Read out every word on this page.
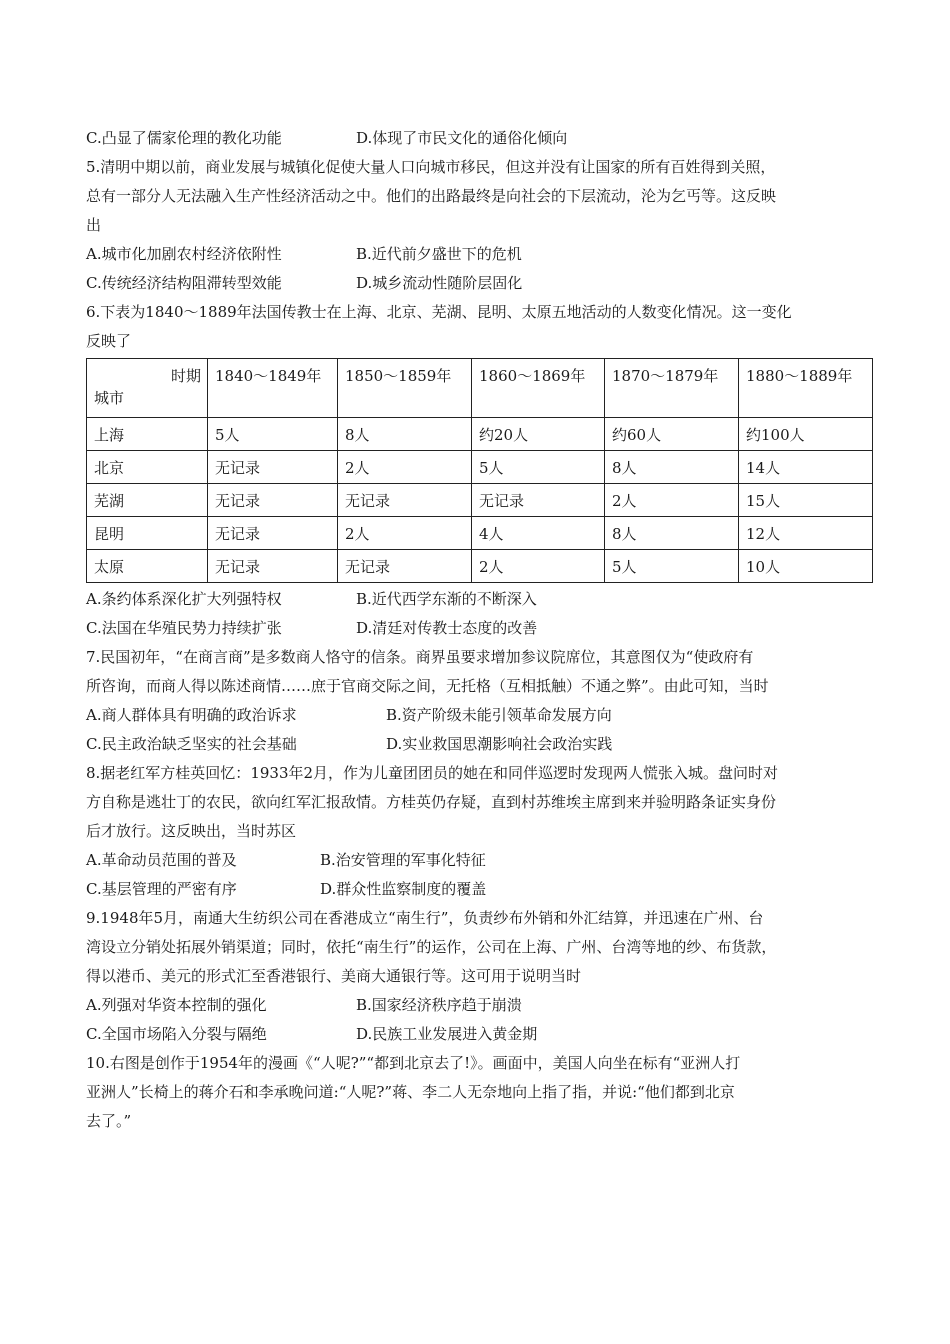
C.凸显了儒家伦理的教化功能	D.体现了市民文化的通俗化倾向
5.清明中期以前，商业发展与城镇化促使大量人口向城市移民，但这并没有让国家的所有百姓得到关照，
总有一部分人无法融入生产性经济活动之中。他们的出路最终是向社会的下层流动，沦为乞丐等。这反映
出
A.城市化加剧农村经济依附性	B.近代前夕盛世下的危机
C.传统经济结构阻滞转型效能	D.城乡流动性随阶层固化
6.下表为1840～1889年法国传教士在上海、北京、芜湖、昆明、太原五地活动的人数变化情况。这一变化
反映了
时期
城市	1840～1849年	1850～1859年	1860～1869年	1870～1879年	1880～1889年
上海	5人	8人	约20人	约60人	约100人
北京	无记录	2人	5人	8人	14人
芜湖	无记录	无记录	无记录	2人	15人
昆明	无记录	2人	4人	8人	12人
太原	无记录	无记录	2人	5人	10人
A.条约体系深化扩大列强特权	B.近代西学东渐的不断深入
C.法国在华殖民势力持续扩张	D.清廷对传教士态度的改善
7.民国初年，“在商言商”是多数商人恪守的信条。商界虽要求增加参议院席位，其意图仅为“使政府有
所咨询，而商人得以陈述商情……庶于官商交际之间，无托格（互相抵触）不通之弊”。由此可知，当时
A.商人群体具有明确的政治诉求	B.资产阶级未能引领革命发展方向
C.民主政治缺乏坚实的社会基础	D.实业救国思潮影响社会政治实践
8.据老红军方桂英回忆：1933年2月，作为儿童团团员的她在和同伴巡逻时发现两人慌张入城。盘问时对
方自称是逃壮丁的农民，欲向红军汇报敌情。方桂英仍存疑，直到村苏维埃主席到来并验明路条证实身份
后才放行。这反映出，当时苏区
A.革命动员范围的普及	B.治安管理的军事化特征
C.基层管理的严密有序	D.群众性监察制度的覆盖
9.1948年5月，南通大生纺织公司在香港成立“南生行”，负责纱布外销和外汇结算，并迅速在广州、台
湾设立分销处拓展外销渠道；同时，依托“南生行”的运作，公司在上海、广州、台湾等地的纱、布货款，
得以港币、美元的形式汇至香港银行、美商大通银行等。这可用于说明当时
A.列强对华资本控制的强化	B.国家经济秩序趋于崩溃
C.全国市场陷入分裂与隔绝	D.民族工业发展进入黄金期
10.右图是创作于1954年的漫画《“人呢?”“都到北京去了!》。画面中，美国人向坐在标有“亚洲人打
亚洲人”长椅上的蒋介石和李承晚问道:“人呢?”蒋、李二人无奈地向上指了指，并说:“他们都到北京
去了。”
